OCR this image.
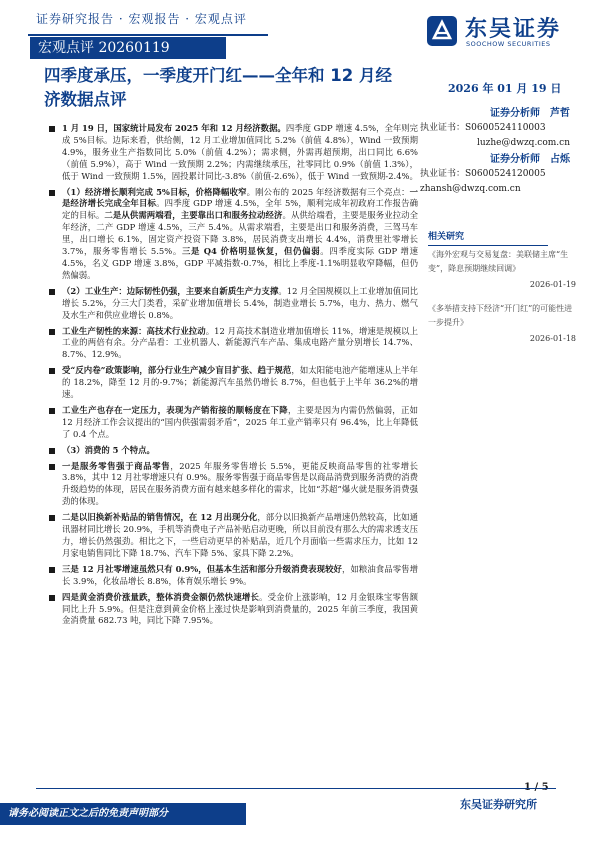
证券研究报告 · 宏观报告 · 宏观点评
宏观点评 20260119
东吴证券
SOOCHOW SECURITIES
四季度承压，一季度开门红——全年和 12 月经济数据点评
2026 年 01 月 19 日
证券分析师　芦哲
执业证书：S0600524110003
luzhe@dwzq.com.cn
证券分析师　占烁
执业证书：S0600524120005
zhansh@dwzq.com.cn
相关研究
《海外宏观与交易复盘：美联储主席“生变”，降息预期继续回调》
2026-01-19
《多举措支持下经济“开门红”的可能性进一步提升》
2026-01-18
1 月 19 日，国家统计局发布 2025 年和 12 月经济数据。四季度 GDP 增速 4.5%，全年则完成 5%目标。边际来看，供给侧，12 月工业增加值同比 5.2%（前值 4.8%），Wind 一致预期 4.9%，服务业生产指数同比 5.0%（前值 4.2%）；需求侧，外需再超预期，出口同比 6.6%（前值 5.9%），高于 Wind 一致预期 2.2%；内需继续承压，社零同比 0.9%（前值 1.3%），低于 Wind 一致预期 1.5%，固投累计同比-3.8%（前值-2.6%），低于 Wind 一致预期-2.4%。
（1）经济增长顺利完成 5%目标，价格降幅收窄。刚公布的 2025 年经济数据有三个亮点：一是经济增长完成全年目标。四季度 GDP 增速 4.5%，全年 5%，顺利完成年初政府工作报告确定的目标。二是从供需两端看，主要靠出口和服务拉动经济。从供给端看，主要是服务业拉动全年经济，二产 GDP 增速 4.5%，三产 5.4%。从需求端看，主要是出口和服务消费，三驾马车里，出口增长 6.1%，固定资产投资下降 3.8%，居民消费支出增长 4.4%，消费里社零增长 3.7%，服务零售增长 5.5%。三是 Q4 价格明显恢复，但仍偏弱。四季度实际 GDP 增速 4.5%，名义 GDP 增速 3.8%，GDP 平减指数-0.7%，相比上季度-1.1%明显收窄降幅，但仍然偏弱。
（2）工业生产：边际韧性仍强，主要来自新质生产力支撑。12 月全国规模以上工业增加值同比增长 5.2%，分三大门类看，采矿业增加值增长 5.4%，制造业增长 5.7%，电力、热力、燃气及水生产和供应业增长 0.8%。
工业生产韧性的来源：高技术行业拉动。12 月高技术制造业增加值增长 11%，增速是规模以上工业的两倍有余。分产品看：工业机器人、新能源汽车产品、集成电路产量分别增长 14.7%、8.7%、12.9%。
受“反内卷”政策影响，部分行业生产减少盲目扩张、趋于规范，如太阳能电池产能增速从上半年的 18.2%，降至 12 月的-9.7%；新能源汽车虽然仍增长 8.7%，但也低于上半年 36.2%的增速。
工业生产也存在一定压力，表现为产销衔接的顺畅度在下降，主要是因为内需仍然偏弱，正如 12 月经济工作会议提出的“国内供强需弱矛盾”，2025 年工业产销率只有 96.4%，比上年降低了 0.4 个点。
（3）消费的 5 个特点。
一是服务零售强于商品零售，2025 年服务零售增长 5.5%，更能反映商品零售的社零增长 3.8%，其中 12 月社零增速只有 0.9%。服务零售强于商品零售是以商品消费到服务消费的消费升级趋势的体现，居民在服务消费方面有越来越多样化的需求，比如“苏超”爆火就是服务消费强劲的体现。
二是以旧换新补贴品的销售情况，在 12 月出现分化，部分以旧换新产品增速仍然较高，比如通讯器材同比增长 20.9%，手机等消费电子产品补贴启动更晚，所以目前没有那么大的需求透支压力，增长仍然强劲。相比之下，一些启动更早的补贴品，近几个月面临一些需求压力，比如 12 月家电销售同比下降 18.7%、汽车下降 5%、家具下降 2.2%。
三是 12 月社零增速虽然只有 0.9%，但基本生活和部分升级消费表现较好，如粮油食品零售增长 3.9%，化妆品增长 8.8%，体育娱乐增长 9%。
四是黄金消费价涨量跌，整体消费金额仍然快速增长。受金价上涨影响，12 月金银珠宝零售额同比上升 5.9%。但是注意到黄金价格上涨过快是影响到消费量的，2025 年前三季度，我国黄金消费量 682.73 吨，同比下降 7.95%。
请务必阅读正文之后的免责声明部分
东吴证券研究所
